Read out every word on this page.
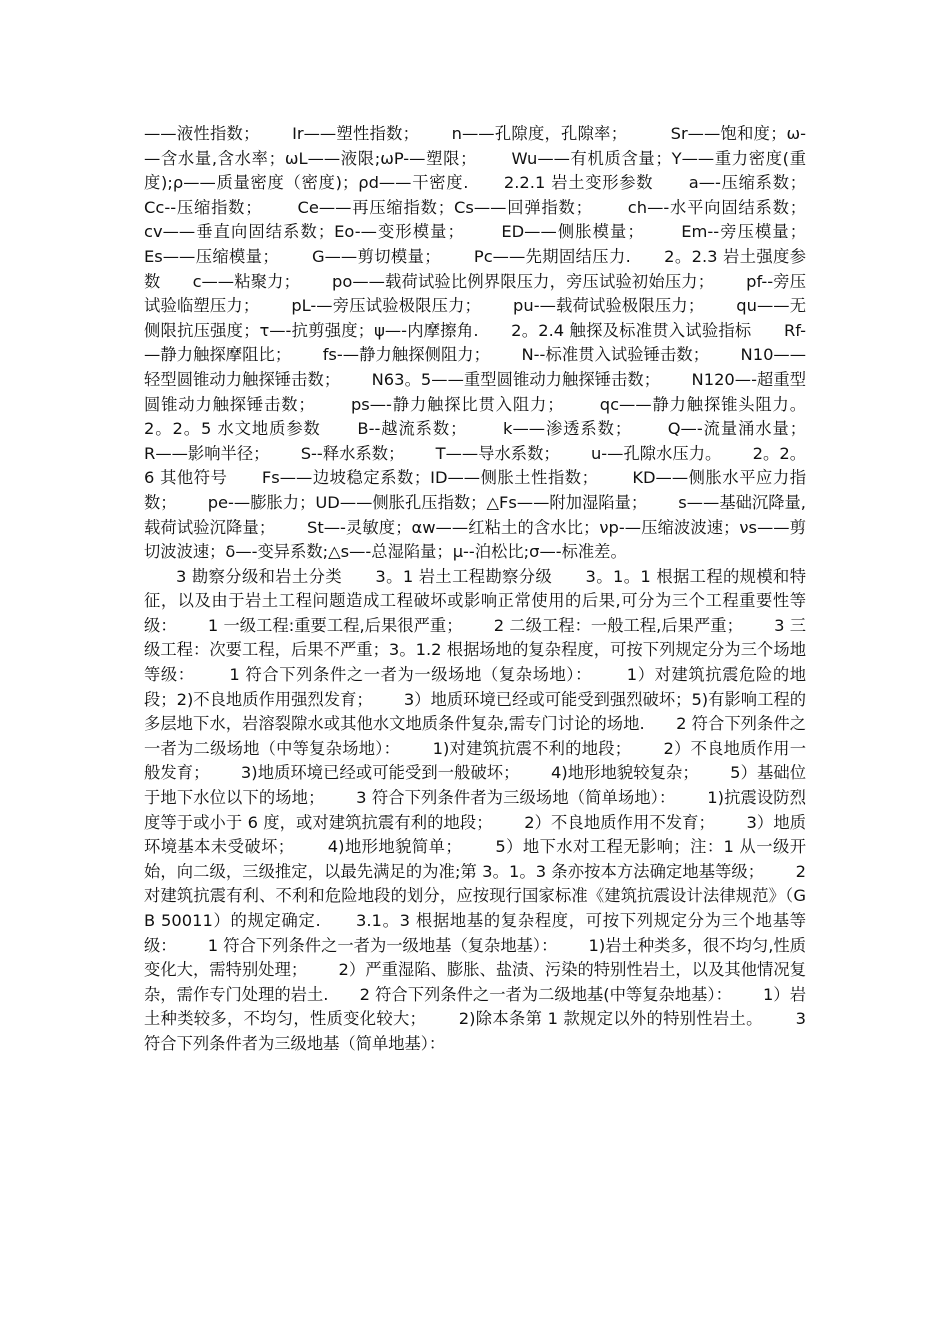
——液性指数；      Ir——塑性指数；      n——孔隙度，孔隙率；        Sr——饱和度；ω-—含水量,含水率；ωL——液限;ωP-—塑限；      Wu——有机质含量；Y——重力密度(重度);ρ——质量密度（密度)；ρd——干密度.      2.2.1 岩土变形参数      a—-压缩系数；        Cc--压缩指数；      Ce——再压缩指数；Cs——回弹指数；      ch—-水平向固结系数；      cv——垂直向固结系数；Eo-—变形模量；      ED——侧胀模量；      Em--旁压模量；      Es——压缩模量；      G——剪切模量；      Pc——先期固结压力.      2。2.3 岩土强度参数      c——粘聚力；      po——载荷试验比例界限压力，旁压试验初始压力；      pf--旁压试验临塑压力；      pL-—旁压试验极限压力；      pu-—载荷试验极限压力；      qu——无侧限抗压强度；τ—-抗剪强度；ψ—-内摩擦角.      2。2.4 触探及标准贯入试验指标      Rf-—静力触探摩阻比；      fs-—静力触探侧阻力；      N--标准贯入试验锤击数；      N10——轻型圆锥动力触探锤击数；      N63。5——重型圆锥动力触探锤击数；      N120—-超重型圆锥动力触探锤击数；      ps—-静力触探比贯入阻力；      qc——静力触探锥头阻力。      2。2。5 水文地质参数      B--越流系数；      k——渗透系数；      Q—-流量涌水量；      R——影响半径；      S--释水系数；      T——导水系数；      u-—孔隙水压力。      2。2。6 其他符号      Fs——边坡稳定系数；ID——侧胀土性指数；      KD——侧胀水平应力指数；      pe-—膨胀力；UD——侧胀孔压指数；△Fs——附加湿陷量；      s——基础沉降量,载荷试验沉降量；      St—-灵敏度；αw——红粘土的含水比；νp-—压缩波波速；νs——剪切波波速；δ—-变异系数;△s—-总湿陷量；μ--泊松比;σ—-标准差。

3 勘察分级和岩土分类      3。1 岩土工程勘察分级      3。1。1 根据工程的规模和特征，以及由于岩土工程问题造成工程破坏或影响正常使用的后果,可分为三个工程重要性等级：      1 一级工程:重要工程,后果很严重；      2 二级工程：一般工程,后果严重；      3 三级工程：次要工程，后果不严重；3。1.2 根据场地的复杂程度，可按下列规定分为三个场地等级：      1 符合下列条件之一者为一级场地（复杂场地）：      1）对建筑抗震危险的地段；2)不良地质作用强烈发育；      3）地质环境已经或可能受到强烈破坏；5)有影响工程的多层地下水，岩溶裂隙水或其他水文地质条件复杂,需专门讨论的场地.      2 符合下列条件之一者为二级场地（中等复杂场地）：      1)对建筑抗震不利的地段；      2）不良地质作用一般发育；      3)地质环境已经或可能受到一般破坏；      4)地形地貌较复杂；      5）基础位于地下水位以下的场地；      3 符合下列条件者为三级场地（简单场地）：      1)抗震设防烈度等于或小于 6 度，或对建筑抗震有利的地段；      2）不良地质作用不发育；      3）地质环境基本未受破坏；      4)地形地貌简单；      5）地下水对工程无影响；注：1 从一级开始，向二级，三级推定，以最先满足的为准;第 3。1。3 条亦按本方法确定地基等级；      2 对建筑抗震有利、不利和危险地段的划分，应按现行国家标准《建筑抗震设计法律规范》（GB 50011）的规定确定.      3.1。3 根据地基的复杂程度，可按下列规定分为三个地基等级：      1 符合下列条件之一者为一级地基（复杂地基）：      1)岩土种类多，很不均匀,性质变化大，需特别处理；      2）严重湿陷、膨胀、盐渍、污染的特别性岩土，以及其他情况复杂，需作专门处理的岩土.      2 符合下列条件之一者为二级地基(中等复杂地基）：      1）岩土种类较多，不均匀，性质变化较大；      2)除本条第 1 款规定以外的特别性岩土。      3 符合下列条件者为三级地基（简单地基）：
